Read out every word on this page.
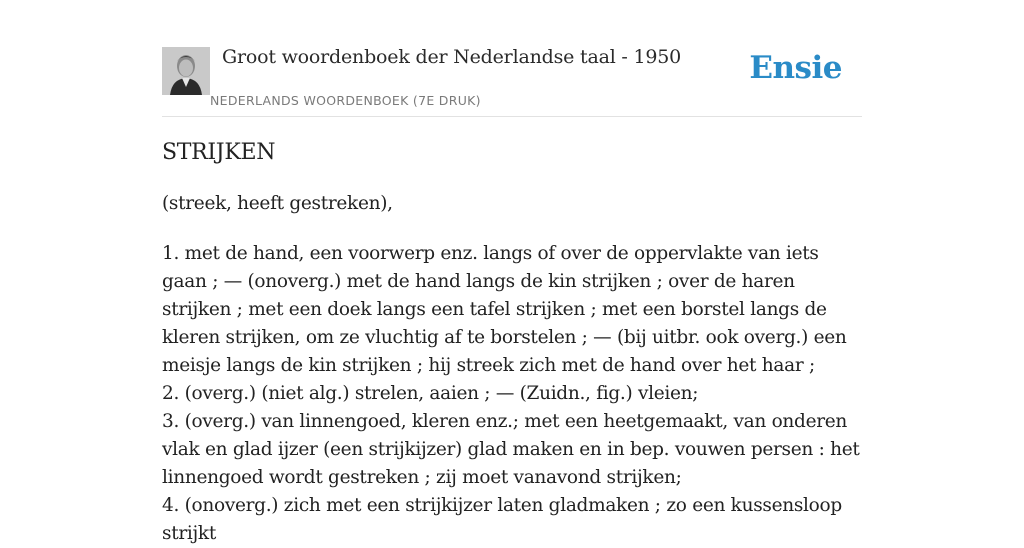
Groot woordenboek der Nederlandse taal - 1950
NEDERLANDS WOORDENBOEK (7E DRUK)
Ensie
STRIJKEN
(streek, heeft gestreken),

1. met de hand, een voorwerp enz. langs of over de oppervlakte van iets gaan ; — (onoverg.) met de hand langs de kin strijken ; over de haren strijken ; met een doek langs een tafel strijken ; met een borstel langs de kleren strijken, om ze vluchtig af te borstelen ; — (bij uitbr. ook overg.) een meisje langs de kin strijken ; hij streek zich met de hand over het haar ;

2. (overg.) (niet alg.) strelen, aaien ; — (Zuidn., fig.) vleien;

3. (overg.) van linnengoed, kleren enz.; met een heetgemaakt, van onderen vlak en glad ijzer (een strijkijzer) glad maken en in bep. vouwen persen : het linnengoed wordt gestreken ; zij moet vanavond strijken;

4. (onoverg.) zich met een strijkijzer laten gladmaken ; zo een kussensloop strijkt
